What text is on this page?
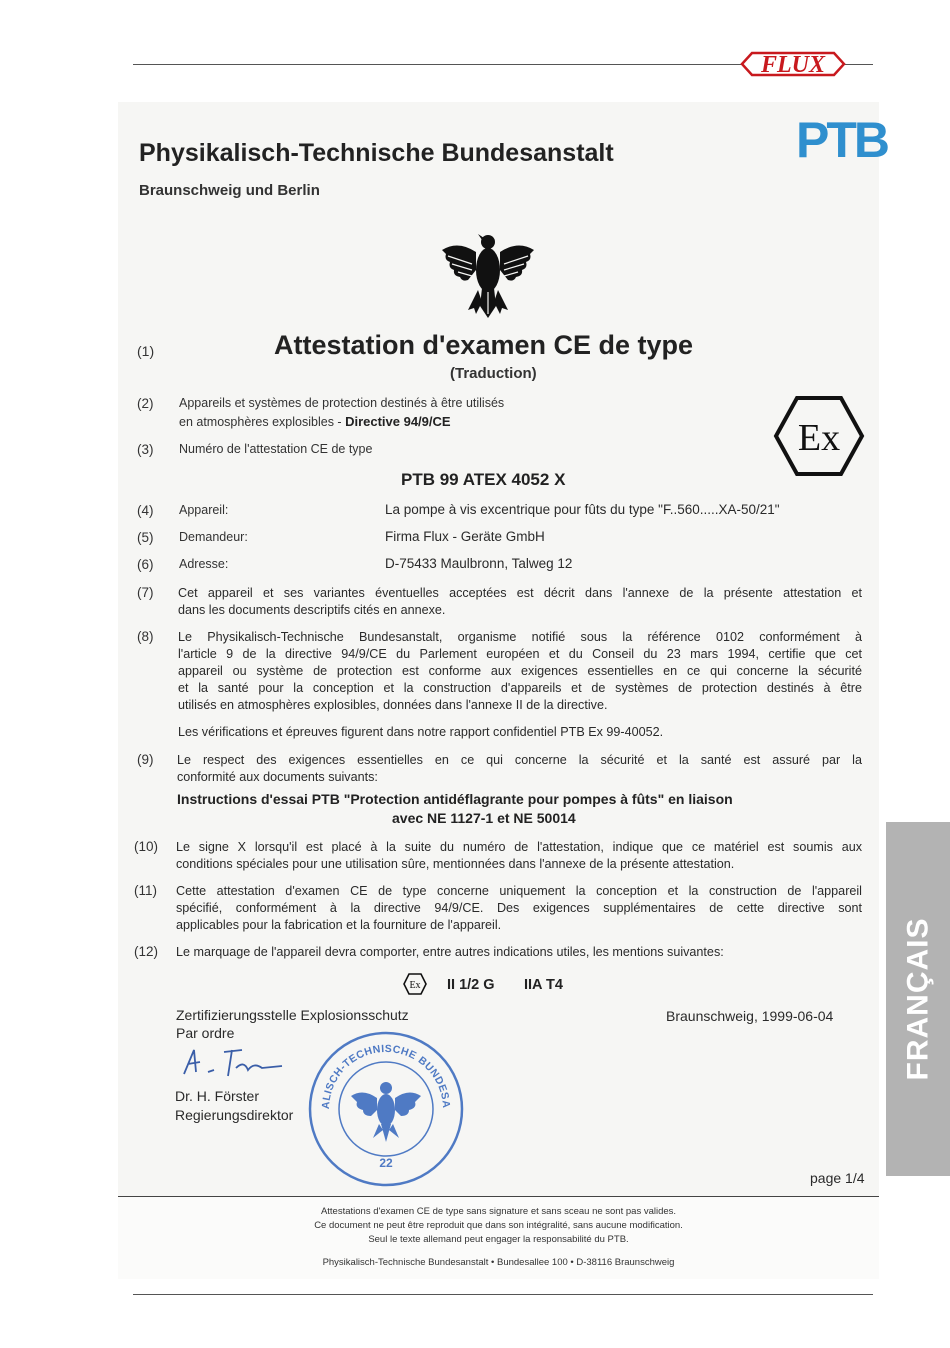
FLUX
PTB
Physikalisch-Technische Bundesanstalt
Braunschweig und Berlin
(1)	Attestation d'examen CE de type
(Traduction)
Ex
(2) Appareils et systèmes de protection destinés à être utilisés
en atmosphères explosibles - Directive 94/9/CE
(3) Numéro de l'attestation CE de type
PTB 99 ATEX 4052 X
(4) Appareil:	La pompe à vis excentrique pour fûts du type "F..560.....XA-50/21"
(5) Demandeur:	Firma Flux - Geräte GmbH
(6) Adresse:	D-75433 Maulbronn, Talweg 12
(7) Cet appareil et ses variantes éventuelles acceptées est décrit dans l'annexe de la présente attestation et
dans les documents descriptifs cités en annexe.
(8) Le Physikalisch-Technische Bundesanstalt, organisme notifié sous la référence 0102 conformément à
l'article 9 de la directive 94/9/CE du Parlement européen et du Conseil du 23 mars 1994, certifie que cet
appareil ou système de protection est conforme aux exigences essentielles en ce qui concerne la sécurité
et la santé pour la conception et la construction d'appareils et de systèmes de protection destinés à être
utilisés en atmosphères explosibles, données dans l'annexe II de la directive.
Les vérifications et épreuves figurent dans notre rapport confidentiel PTB Ex 99-40052.
(9) Le respect des exigences essentielles en ce qui concerne la sécurité et la santé est assuré par la
conformité aux documents suivants:
Instructions d'essai PTB "Protection antidéflagrante pour pompes à fûts" en liaison
avec NE 1127-1 et NE 50014
(10) Le signe X lorsqu'il est placé à la suite du numéro de l'attestation, indique que ce matériel est soumis aux
conditions spéciales pour une utilisation sûre, mentionnées dans l'annexe de la présente attestation.
(11) Cette attestation d'examen CE de type concerne uniquement la conception et la construction de l'appareil
spécifié, conformément à la directive 94/9/CE. Des exigences supplémentaires de cette directive sont
applicables pour la fabrication et la fourniture de l'appareil.
(12) Le marquage de l'appareil devra comporter, entre autres indications utiles, les mentions suivantes:
Ex II 1/2 G IIA T4
Zertifizierungsstelle Explosionsschutz
Par ordre
Braunschweig, 1999-06-04
Dr. H. Förster
Regierungsdirektor
ALISCH-TECHNISCHE BUNDESA
22
page 1/4
Attestations d'examen CE de type sans signature et sans sceau ne sont pas valides.
Ce document ne peut être reproduit que dans son intégralité, sans aucune modification.
Seul le texte allemand peut engager la responsabilité du PTB.
Physikalisch-Technische Bundesanstalt • Bundesallee 100 • D-38116 Braunschweig
FRANÇAIS
